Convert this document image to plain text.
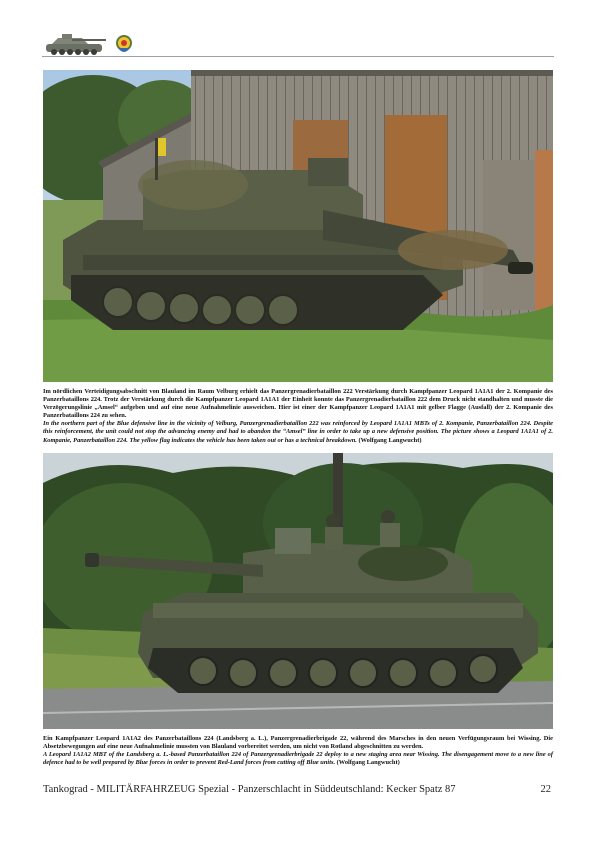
Im nördlichen Verteidigungsabschnitt von Blauland im Raum Velburg erhielt das Panzergrenadierbataillon 222 Verstärkung durch Kampfpanzer Leopard 1A1A1 der 2. Kompanie des Panzerbataillons 224. Trotz der Verstärkung durch die Kampfpanzer Leopard 1A1A1 der Einheit konnte das Panzergrenadierbataillon 222 dem Druck nicht standhalten und musste die Verzögerungslinie „Amsel“ aufgeben und auf eine neue Aufnahmelinie ausweichen. Hier ist einer der Kampfpanzer Leopard 1A1A1 mit gelber Flagge (Ausfall) der 2. Kompanie des Panzerbataillons 224 zu sehen.

In the northern part of the Blue defensive line in the vicinity of Velburg, Panzergrenadierbataillon 222 was reinforced by Leopard 1A1A1 MBTs of 2. Kompanie, Panzerbataillon 224. Despite this reinforcement, the unit could not stop the advancing enemy and had to abandon the “Amsel” line in order to take up a new defensive position. The picture shows a Leopard 1A1A1 of 2. Kompanie, Panzerbataillon 224. The yellow flag indicates the vehicle has been taken out or has a technical breakdown. (Wolfgang Langwucht)

Ein Kampfpanzer Leopard 1A1A2 des Panzerbataillons 224 (Landsberg a. L.), Panzergrenadierbrigade 22, während des Marsches in den neuen Verfügungsraum bei Wissing. Die Absetzbewegungen auf eine neue Aufnahmelinie mussten von Blauland vorbereitet werden, um nicht von Rotland abgeschnitten zu werden.

A Leopard 1A1A2 MBT of the Landsberg a. L.-based Panzerbataillon 224 of Panzergrenadierbrigade 22 deploy to a new staging area near Wissing. The disengagement move to a new line of defence had to be well prepared by Blue forces in order to prevent Red-Land forces from cutting off Blue units. (Wolfgang Langwucht)

Tankograd - MILITÄRFAHRZEUG Spezial - Panzerschlacht in Süddeutschland: Kecker Spatz 87	22
